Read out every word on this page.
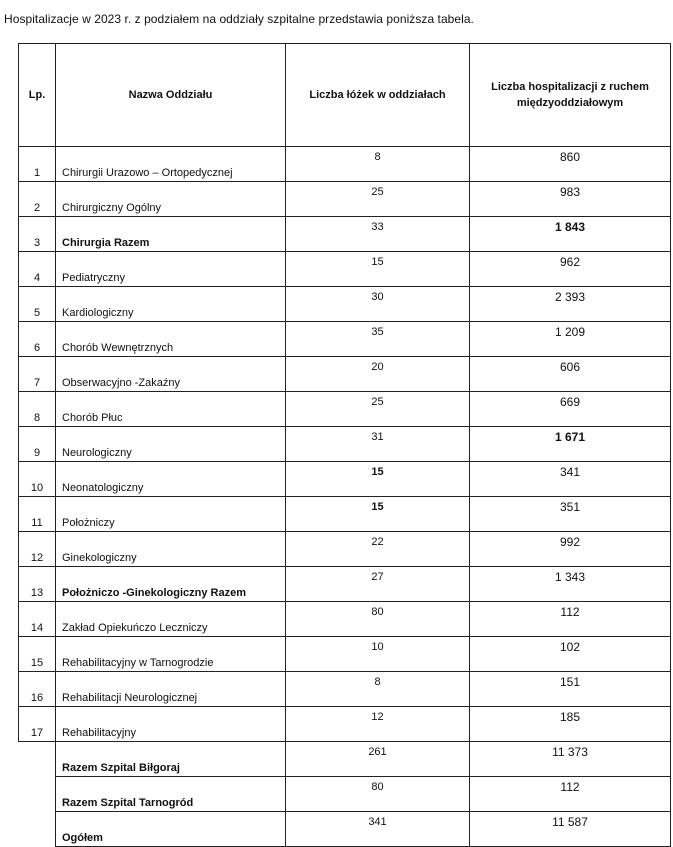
Hospitalizacje w 2023 r. z podziałem na oddziały szpitalne przedstawia poniższa tabela.
Lp.	Nazwa Oddziału	Liczba łóżek w oddziałach	Liczba hospitalizacji z ruchem międzyoddziałowym
1	Chirurgii Urazowo – Ortopedycznej	8	860
2	Chirurgiczny Ogólny	25	983
3	Chirurgia Razem	33	1 843
4	Pediatryczny	15	962
5	Kardiologiczny	30	2 393
6	Chorób Wewnętrznych	35	1 209
7	Obserwacyjno -Zakaźny	20	606
8	Chorób Płuc	25	669
9	Neurologiczny	31	1 671
10	Neonatologiczny	15	341
11	Położniczy	15	351
12	Ginekologiczny	22	992
13	Położniczo -Ginekologiczny Razem	27	1 343
14	Zakład Opiekuńczo Leczniczy	80	112
15	Rehabilitacyjny w Tarnogrodzie	10	102
16	Rehabilitacji Neurologicznej	8	151
17	Rehabilitacyjny	12	185
	Razem Szpital Biłgoraj	261	11 373
	Razem Szpital Tarnogród	80	112
	Ogółem	341	11 587
